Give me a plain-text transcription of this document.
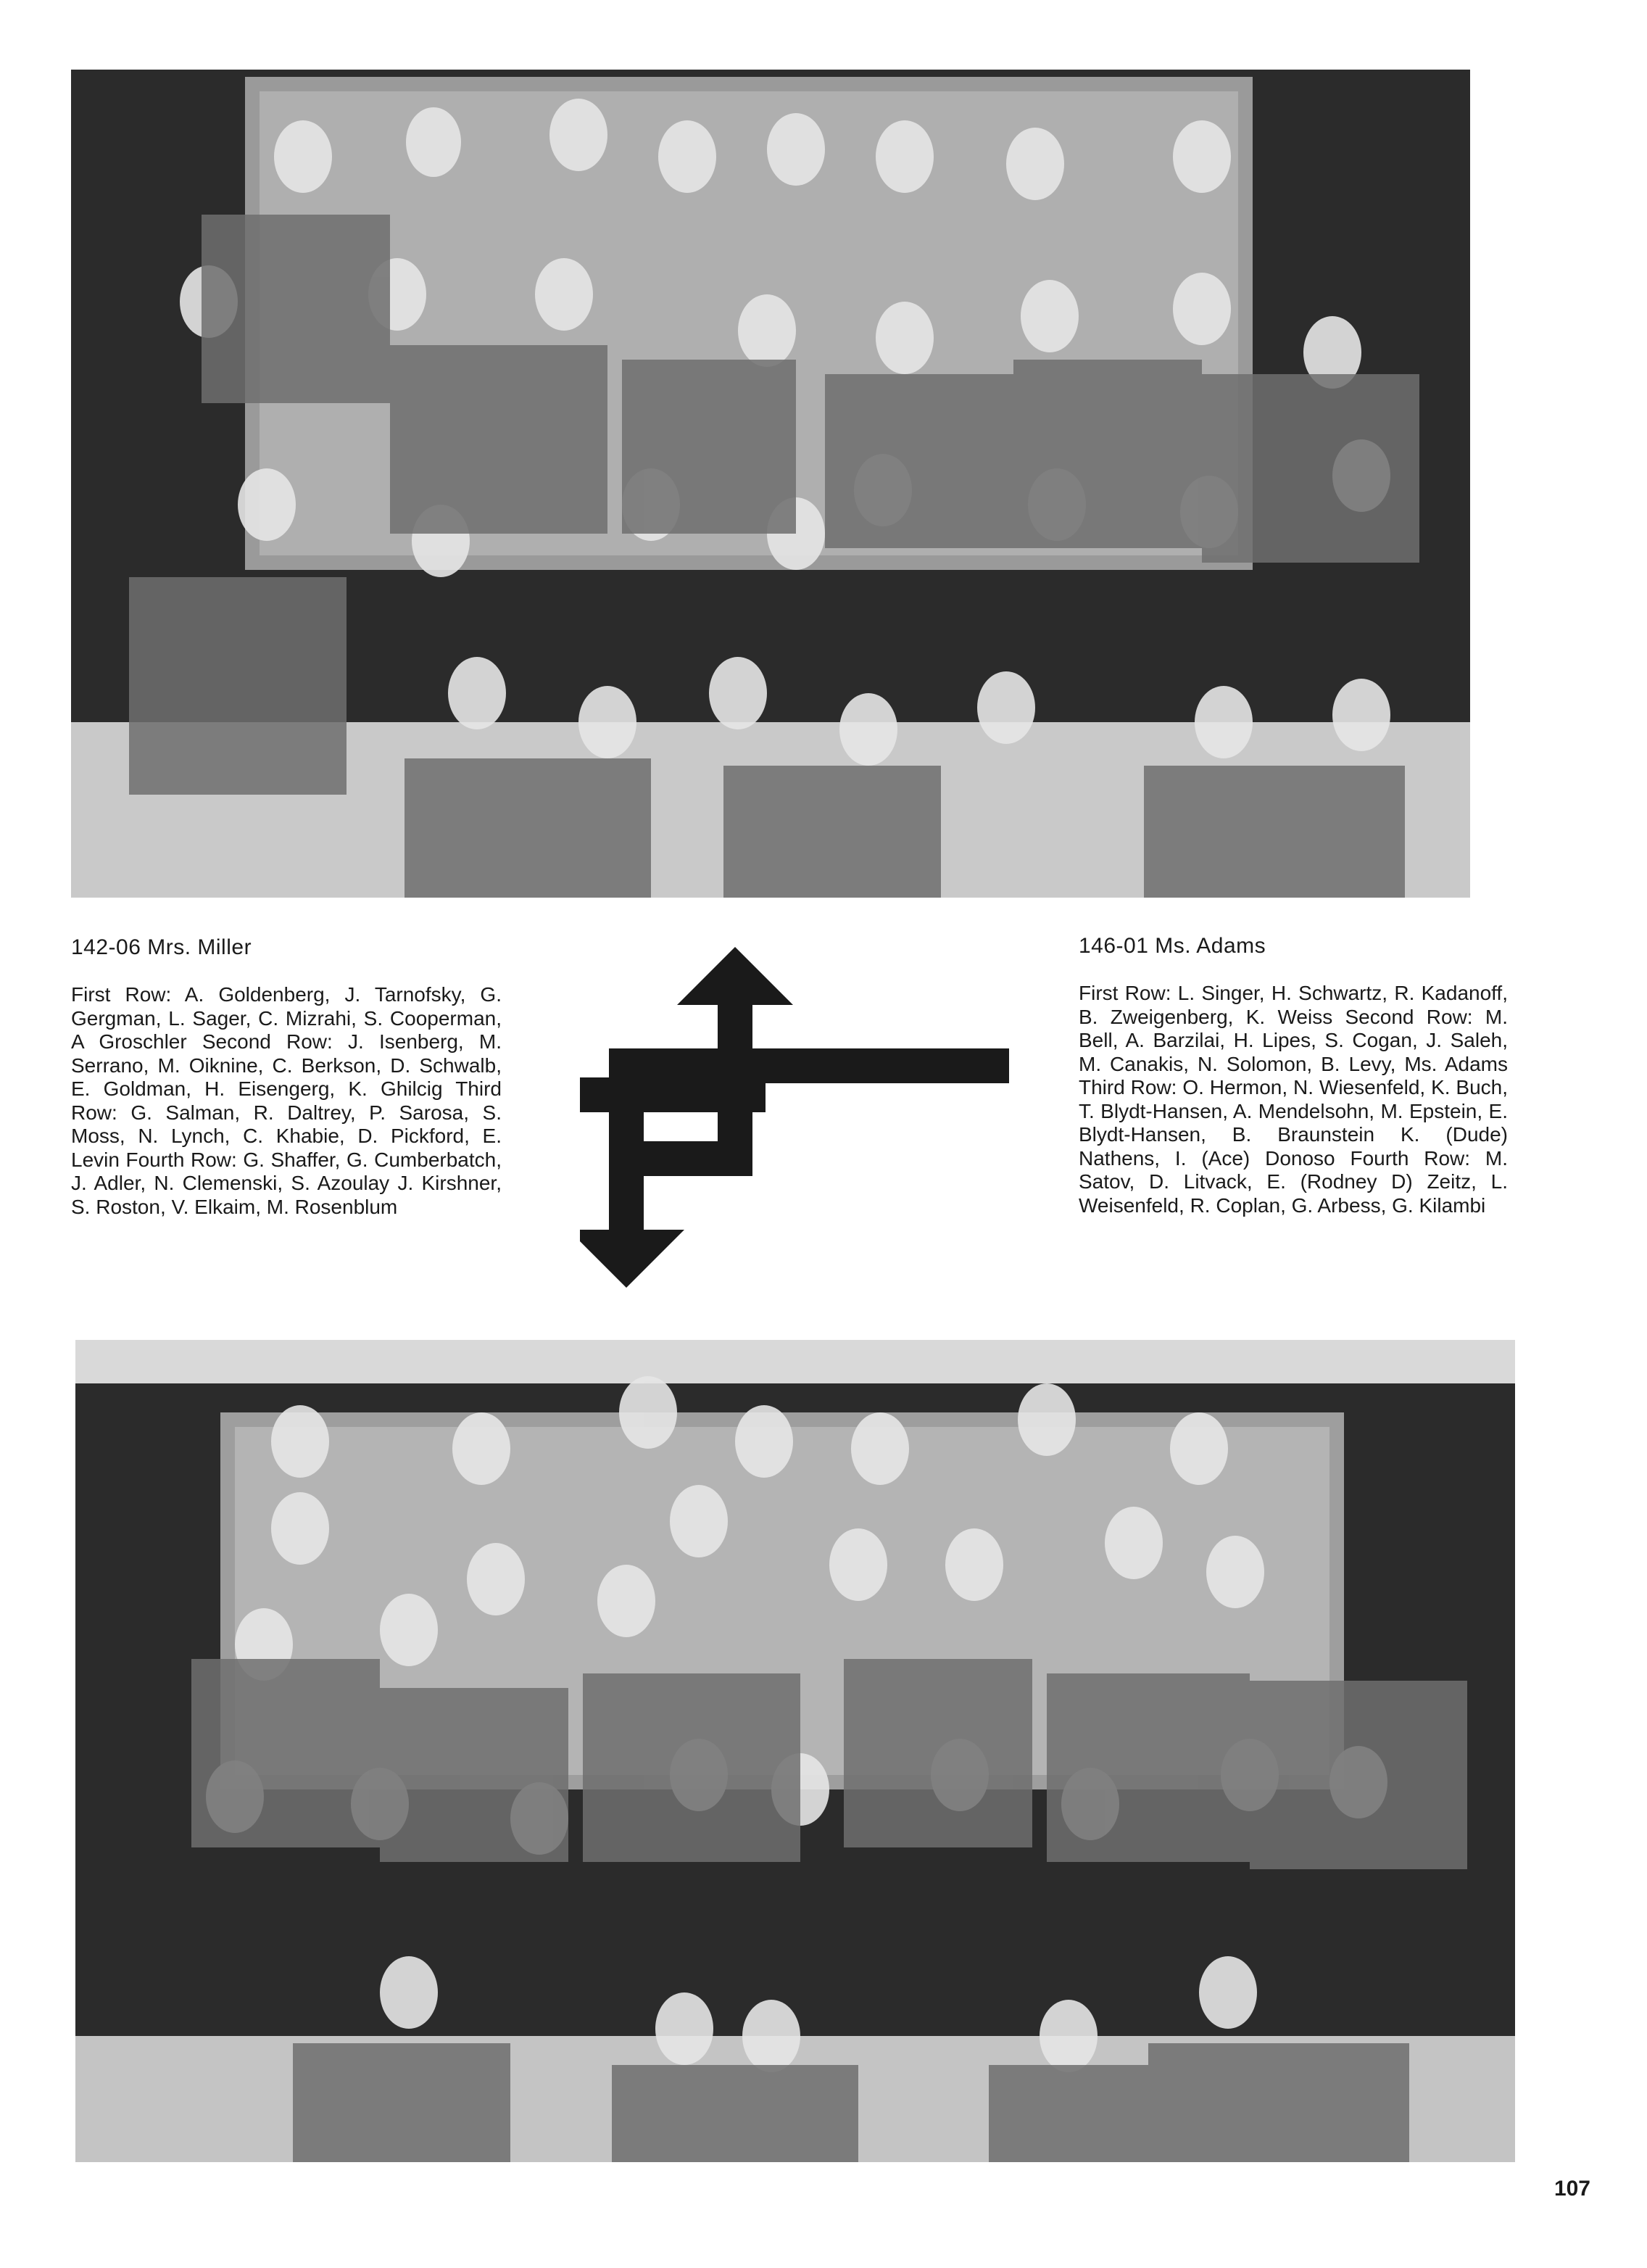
142-06 Mrs. Miller

First Row: A. Goldenberg, J. Tarnofsky, G. Gergman, L. Sager, C. Mizrahi, S. Cooperman, A Groschler Second Row: J. Isenberg, M. Serrano, M. Oiknine, C. Berkson, D. Schwalb, E. Goldman, H. Eisengerg, K. Ghilcig Third Row: G. Salman, R. Daltrey, P. Sarosa, S. Moss, N. Lynch, C. Khabie, D. Pickford, E. Levin Fourth Row: G. Shaffer, G. Cumberbatch, J. Adler, N. Clemenski, S. Azoulay J. Kirshner, S. Roston, V. Elkaim, M. Rosenblum

146-01 Ms. Adams

First Row: L. Singer, H. Schwartz, R. Kadanoff, B. Zweigenberg, K. Weiss Second Row: M. Bell, A. Barzilai, H. Lipes, S. Cogan, J. Saleh, M. Canakis, N. Solomon, B. Levy, Ms. Adams Third Row: O. Hermon, N. Wiesenfeld, K. Buch, T. Blydt-Hansen, A. Mendelsohn, M. Epstein, E. Blydt-Hansen, B. Braunstein K. (Dude) Nathens, I. (Ace) Donoso Fourth Row: M. Satov, D. Litvack, E. (Rodney D) Zeitz, L. Weisenfeld, R. Coplan, G. Arbess, G. Kilambi

107
